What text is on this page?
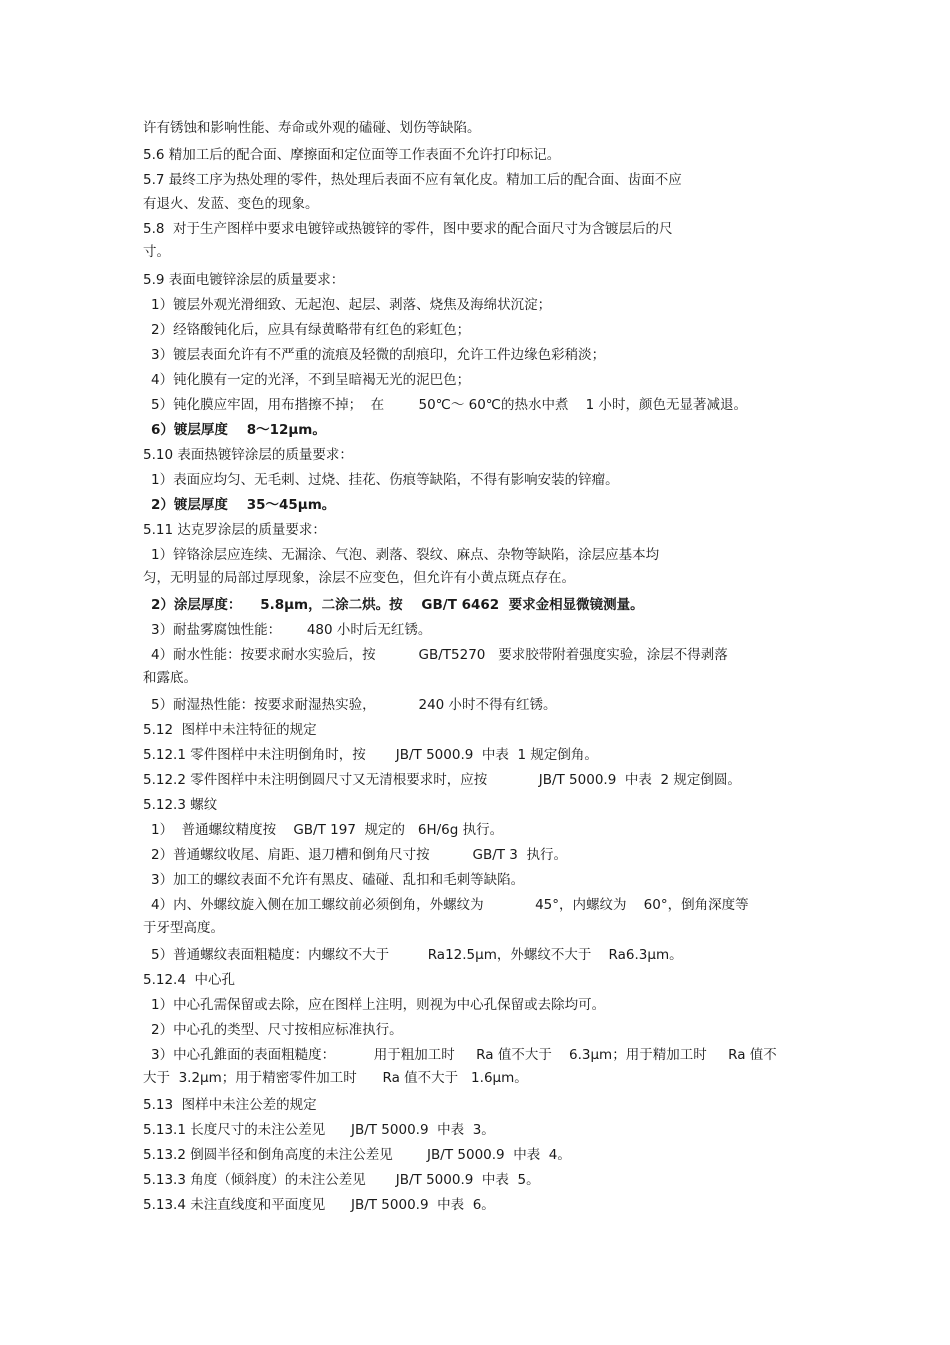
许有锈蚀和影响性能、寿命或外观的磕碰、划伤等缺陷。
5.6 精加工后的配合面、摩擦面和定位面等工作表面不允许打印标记。
5.7 最终工序为热处理的零件，热处理后表面不应有氧化皮。精加工后的配合面、齿面不应
有退火、发蓝、变色的现象。
5.8  对于生产图样中要求电镀锌或热镀锌的零件，图中要求的配合面尺寸为含镀层后的尺
寸。
5.9 表面电镀锌涂层的质量要求：
1）镀层外观光滑细致、无起泡、起层、剥落、烧焦及海绵状沉淀；
2）经铬酸钝化后，应具有绿黄略带有红色的彩虹色；
3）镀层表面允许有不严重的流痕及轻微的刮痕印，允许工件边缘色彩稍淡；
4）钝化膜有一定的光泽，不到呈暗褐无光的泥巴色；
5）钝化膜应牢固，用布揩擦不掉；  在        50℃～ 60℃的热水中煮    1 小时，颜色无显著减退。
6）镀层厚度    8～12μm。
5.10 表面热镀锌涂层的质量要求：
1）表面应均匀、无毛刺、过烧、挂花、伤痕等缺陷，不得有影响安装的锌瘤。
2）镀层厚度    35～45μm。
5.11 达克罗涂层的质量要求：
1）锌铬涂层应连续、无漏涂、气泡、剥落、裂纹、麻点、杂物等缺陷，涂层应基本均
匀，无明显的局部过厚现象，涂层不应变色，但允许有小黄点斑点存在。
2）涂层厚度：    5.8μm，二涂二烘。按    GB/T 6462  要求金相显微镜测量。
3）耐盐雾腐蚀性能：      480 小时后无红锈。
4）耐水性能：按要求耐水实验后，按          GB/T5270   要求胶带附着强度实验，涂层不得剥落
和露底。
5）耐湿热性能：按要求耐湿热实验，          240 小时不得有红锈。
5.12  图样中未注特征的规定
5.12.1 零件图样中未注明倒角时，按       JB/T 5000.9  中表  1 规定倒角。
5.12.2 零件图样中未注明倒圆尺寸又无清根要求时，应按            JB/T 5000.9  中表  2 规定倒圆。
5.12.3 螺纹
1）  普通螺纹精度按    GB/T 197  规定的   6H/6g 执行。
2）普通螺纹收尾、肩距、退刀槽和倒角尺寸按          GB/T 3  执行。
3）加工的螺纹表面不允许有黑皮、磕碰、乱扣和毛刺等缺陷。
4）内、外螺纹旋入侧在加工螺纹前必须倒角，外螺纹为            45°，内螺纹为    60°，倒角深度等
于牙型高度。
5）普通螺纹表面粗糙度：内螺纹不大于         Ra12.5μm，外螺纹不大于    Ra6.3μm。
5.12.4  中心孔
1）中心孔需保留或去除，应在图样上注明，则视为中心孔保留或去除均可。
2）中心孔的类型、尺寸按相应标准执行。
3）中心孔錐面的表面粗糙度：         用于粗加工时     Ra 值不大于    6.3μm；用于精加工时     Ra 值不
大于  3.2μm；用于精密零件加工时      Ra 值不大于   1.6μm。
5.13  图样中未注公差的规定
5.13.1 长度尺寸的未注公差见      JB/T 5000.9  中表  3。
5.13.2 倒圆半径和倒角高度的未注公差见        JB/T 5000.9  中表  4。
5.13.3 角度（倾斜度）的未注公差见       JB/T 5000.9  中表  5。
5.13.4 未注直线度和平面度见      JB/T 5000.9  中表  6。
